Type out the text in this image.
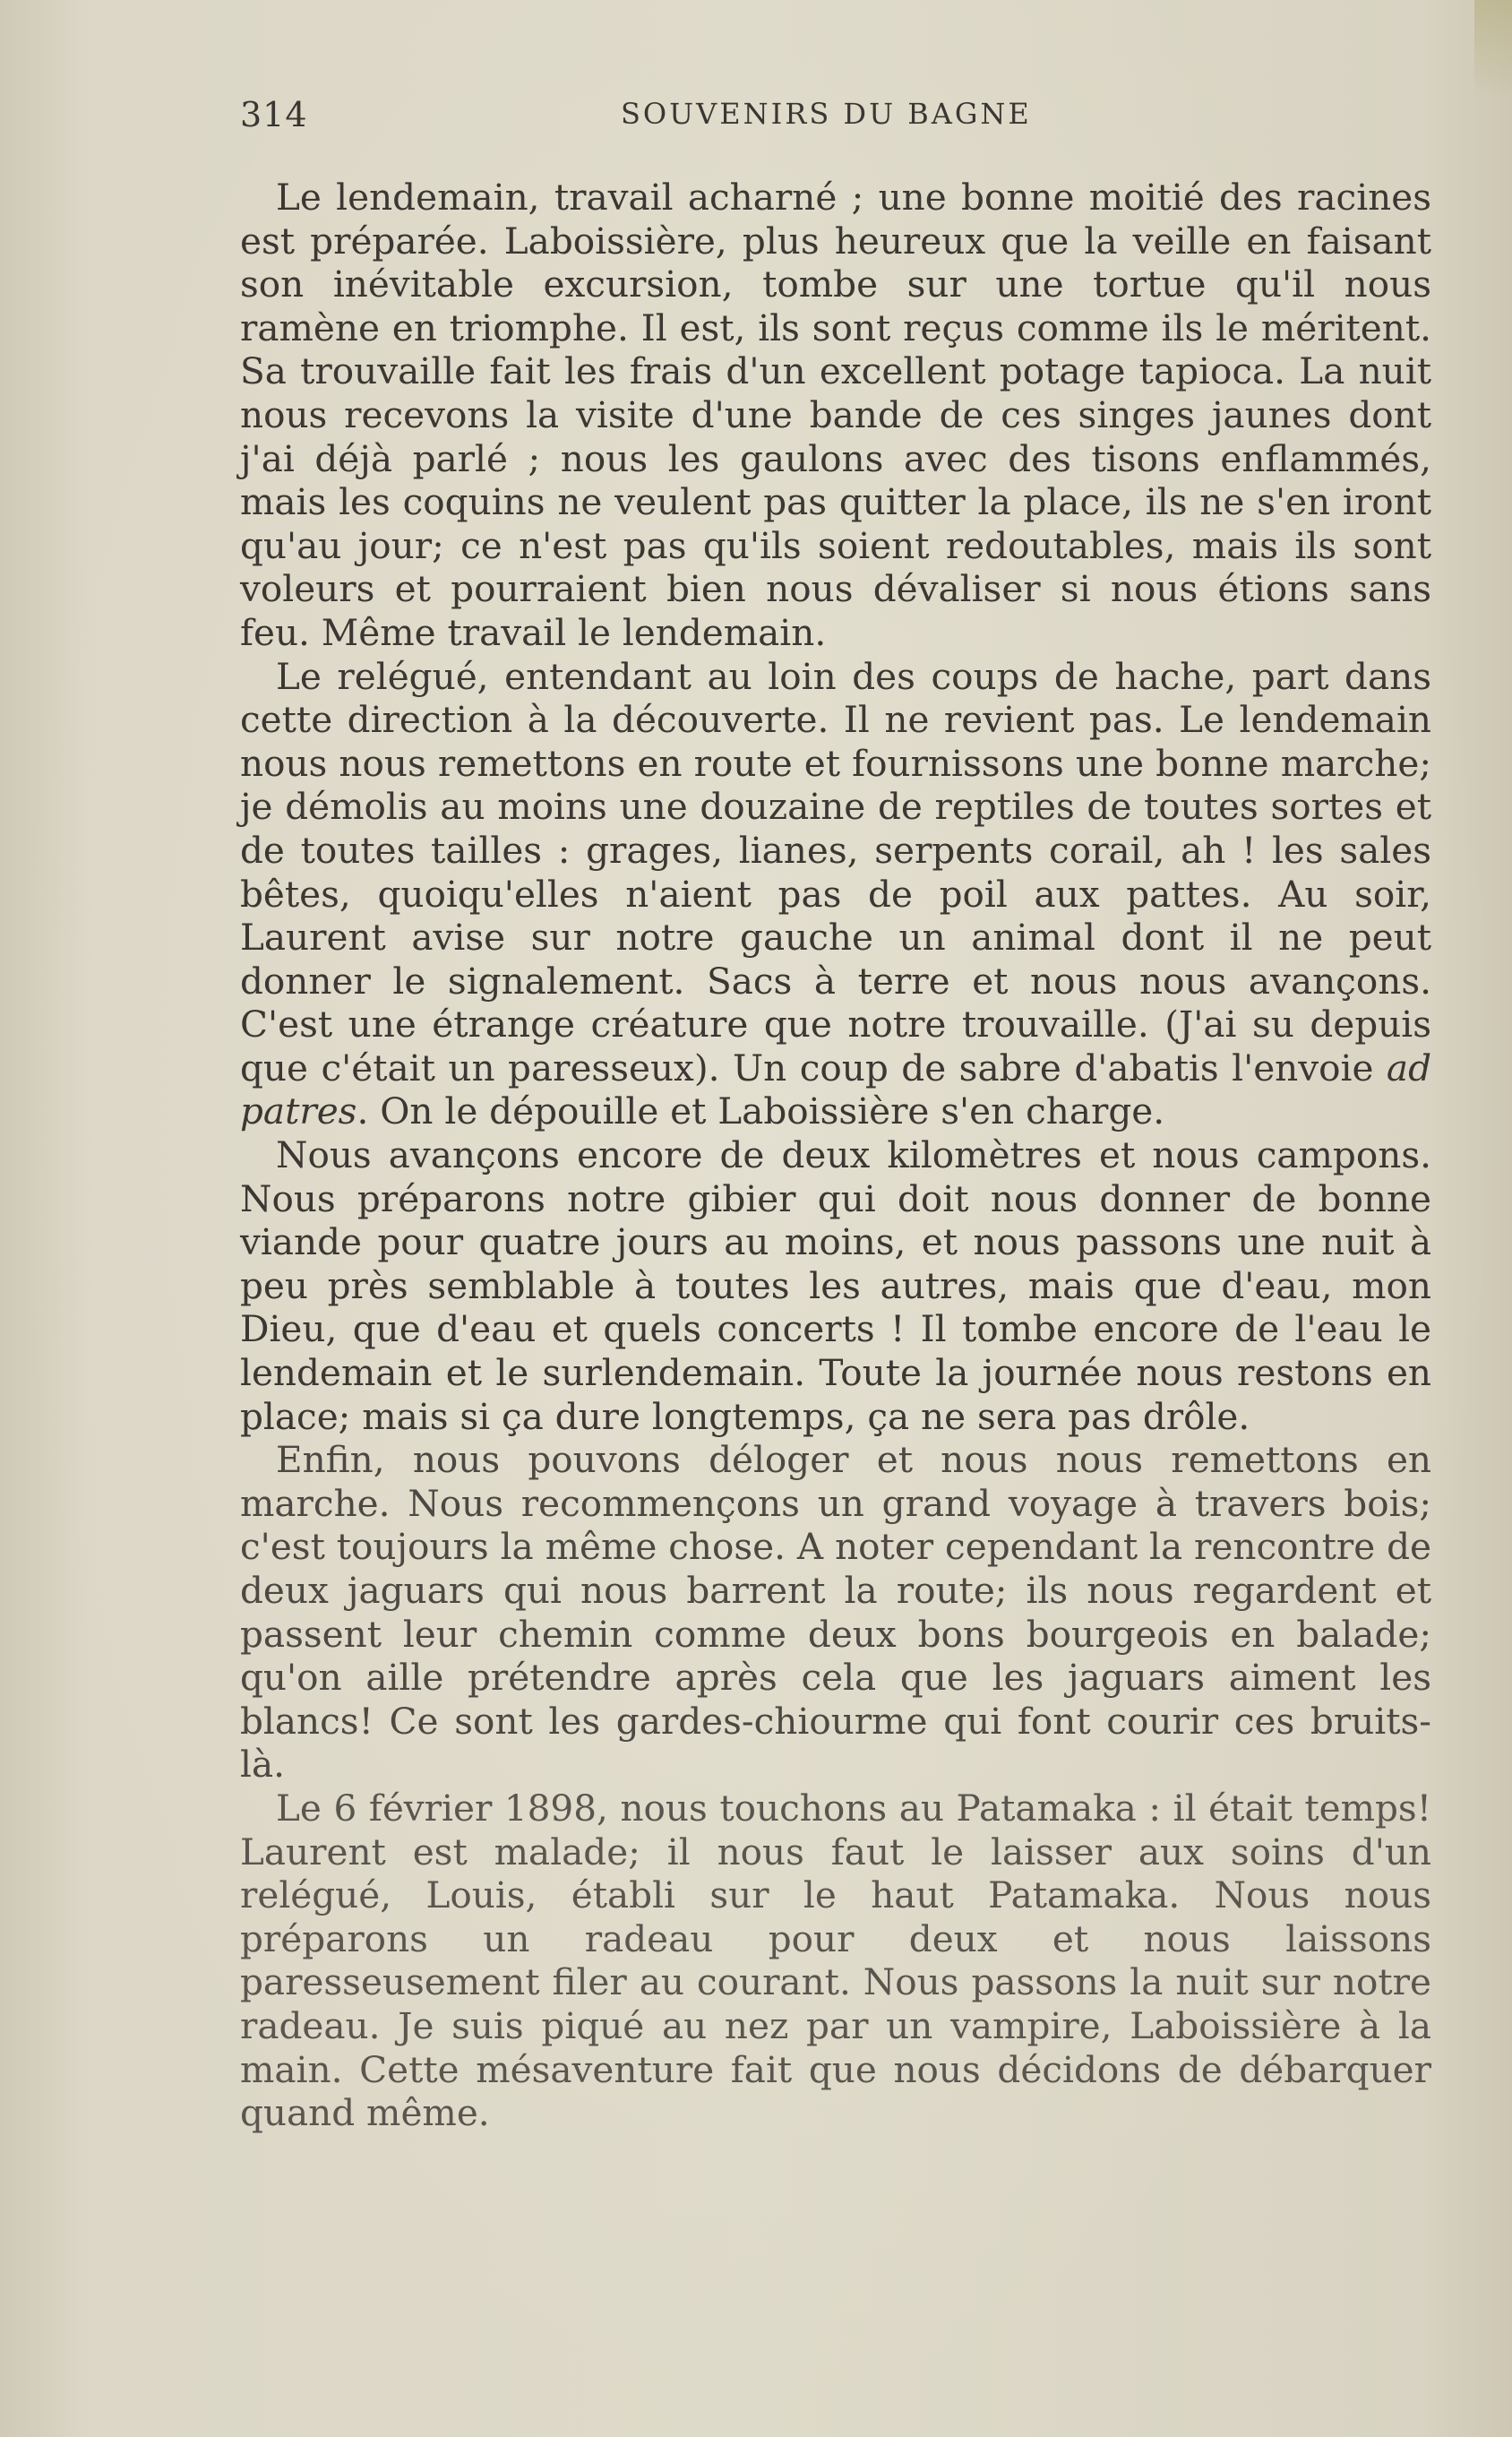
314	SOUVENIRS DU BAGNE

Le lendemain, travail acharné ; une bonne moitié des racines est préparée. Laboissière, plus heureux que la veille en faisant son inévitable excursion, tombe sur une tortue qu'il nous ramène en triomphe. Il est, ils sont reçus comme ils le méritent. Sa trouvaille fait les frais d'un excellent potage tapioca. La nuit nous recevons la visite d'une bande de ces singes jaunes dont j'ai déjà parlé ; nous les gaulons avec des tisons enflammés, mais les coquins ne veulent pas quitter la place, ils ne s'en iront qu'au jour; ce n'est pas qu'ils soient redoutables, mais ils sont voleurs et pourraient bien nous dévaliser si nous étions sans feu. Même travail le lendemain.

Le relégué, entendant au loin des coups de hache, part dans cette direction à la découverte. Il ne revient pas. Le lendemain nous nous remettons en route et fournissons une bonne marche; je démolis au moins une douzaine de reptiles de toutes sortes et de toutes tailles : grages, lianes, serpents corail, ah ! les sales bêtes, quoiqu'elles n'aient pas de poil aux pattes. Au soir, Laurent avise sur notre gauche un animal dont il ne peut donner le signalement. Sacs à terre et nous nous avançons. C'est une étrange créature que notre trouvaille. (J'ai su depuis que c'était un paresseux). Un coup de sabre d'abatis l'envoie ad patres. On le dépouille et Laboissière s'en charge.

Nous avançons encore de deux kilomètres et nous campons. Nous préparons notre gibier qui doit nous donner de bonne viande pour quatre jours au moins, et nous passons une nuit à peu près semblable à toutes les autres, mais que d'eau, mon Dieu, que d'eau et quels concerts ! Il tombe encore de l'eau le lendemain et le surlendemain. Toute la journée nous restons en place; mais si ça dure longtemps, ça ne sera pas drôle.

Enfin, nous pouvons déloger et nous nous remettons en marche. Nous recommençons un grand voyage à travers bois; c'est toujours la même chose. A noter cependant la rencontre de deux jaguars qui nous barrent la route; ils nous regardent et passent leur chemin comme deux bons bourgeois en balade; qu'on aille prétendre après cela que les jaguars aiment les blancs! Ce sont les gardes-chiourme qui font courir ces bruits-là.

Le 6 février 1898, nous touchons au Patamaka : il était temps! Laurent est malade; il nous faut le laisser aux soins d'un relégué, Louis, établi sur le haut Patamaka. Nous nous préparons un radeau pour deux et nous laissons paresseusement filer au courant. Nous passons la nuit sur notre radeau. Je suis piqué au nez par un vampire, Laboissière à la main. Cette mésaventure fait que nous décidons de débarquer quand même.
